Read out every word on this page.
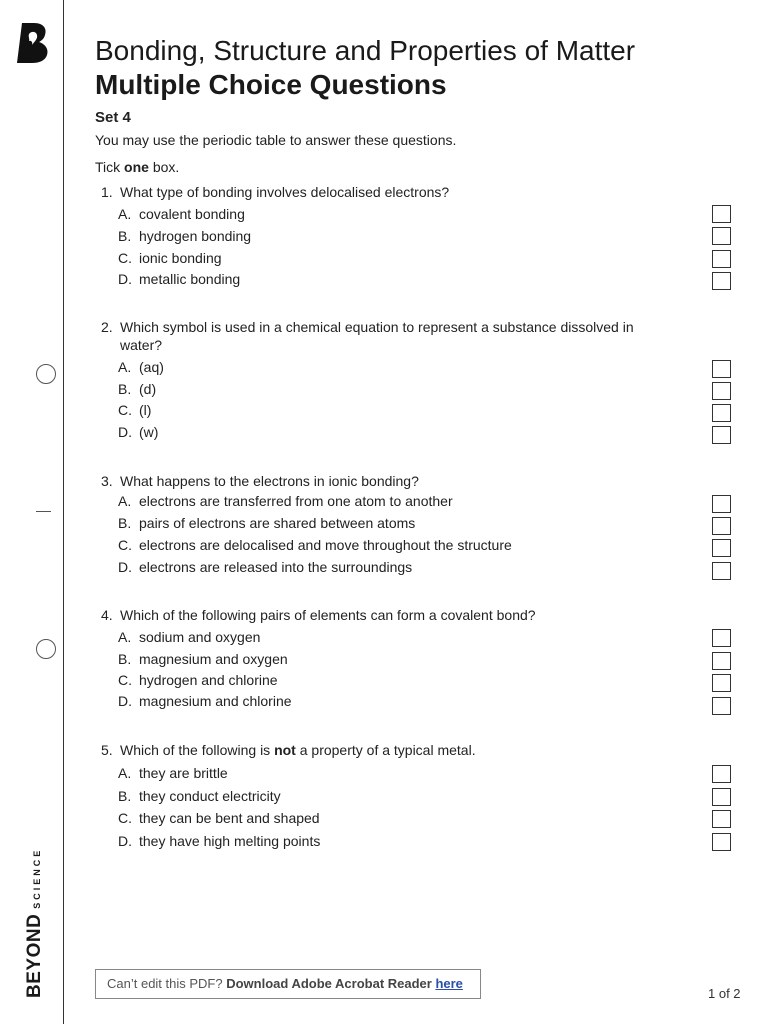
BEYONDSCIENCE
Bonding, Structure and Properties of Matter
Multiple Choice Questions
Set 4
You may use the periodic table to answer these questions.
Tick one box.
1. What type of bonding involves delocalised electrons?
A. covalent bonding
B. hydrogen bonding
C. ionic bonding
D. metallic bonding
2. Which symbol is used in a chemical equation to represent a substance dissolved in water?
A. (aq)
B. (d)
C. (l)
D. (w)
3. What happens to the electrons in ionic bonding?
A. electrons are transferred from one atom to another
B. pairs of electrons are shared between atoms
C. electrons are delocalised and move throughout the structure
D. electrons are released into the surroundings
4. Which of the following pairs of elements can form a covalent bond?
A. sodium and oxygen
B. magnesium and oxygen
C. hydrogen and chlorine
D. magnesium and chlorine
5. Which of the following is not a property of a typical metal.
A. they are brittle
B. they conduct electricity
C. they can be bent and shaped
D. they have high melting points
Can’t edit this PDF? Download Adobe Acrobat Reader here
1 of 2
